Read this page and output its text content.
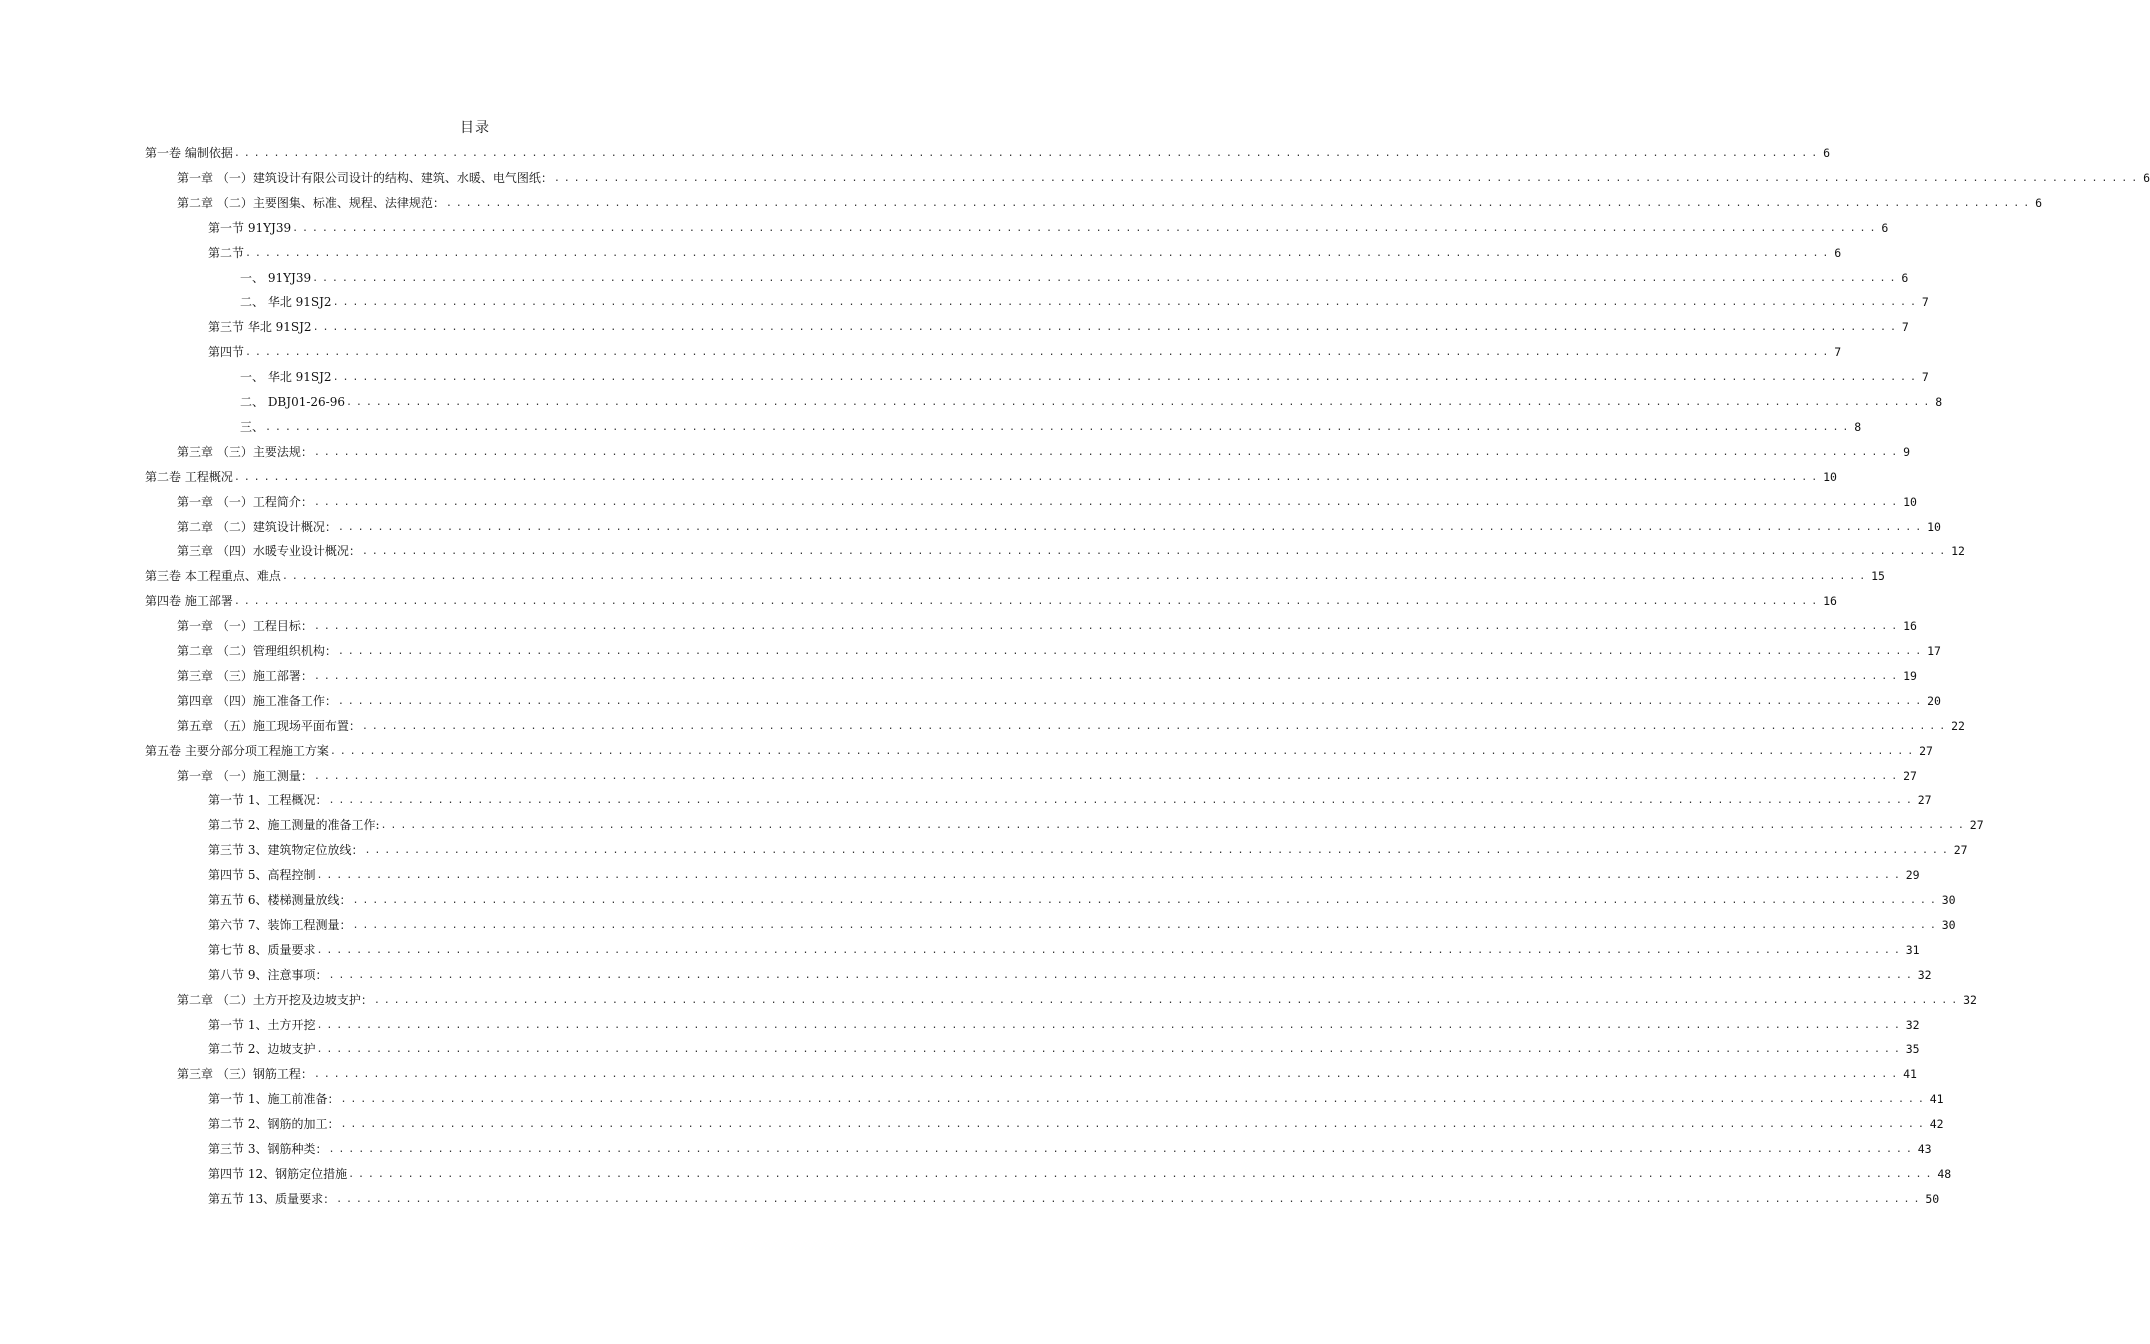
目录
第一卷 编制依据 ................................................................................................................................................................ 6
第一章 （一）建筑设计有限公司设计的结构、建筑、水暖、电气图纸： ................................................................................................................................................................ 6
第二章 （二）主要图集、标准、规程、法律规范： ................................................................................................................................................................ 6
第一节 91YJ39 ................................................................................................................................................................ 6
第二节 ................................................................................................................................................................ 6
一、 91YJ39 ................................................................................................................................................................ 6
二、 华北 91SJ2 ................................................................................................................................................................ 7
第三节 华北 91SJ2 ................................................................................................................................................................ 7
第四节 ................................................................................................................................................................ 7
一、 华北 91SJ2 ................................................................................................................................................................ 7
二、 DBJ01-26-96 ................................................................................................................................................................ 8
三、 ................................................................................................................................................................ 8
第三章 （三）主要法规： ................................................................................................................................................................ 9
第二卷 工程概况 ................................................................................................................................................................ 10
第一章 （一）工程简介： ................................................................................................................................................................ 10
第二章 （二）建筑设计概况： ................................................................................................................................................................ 10
第三章 （四）水暖专业设计概况： ................................................................................................................................................................ 12
第三卷 本工程重点、难点 ................................................................................................................................................................ 15
第四卷 施工部署 ................................................................................................................................................................ 16
第一章 （一）工程目标： ................................................................................................................................................................ 16
第二章 （二）管理组织机构： ................................................................................................................................................................ 17
第三章 （三）施工部署： ................................................................................................................................................................ 19
第四章 （四）施工准备工作： ................................................................................................................................................................ 20
第五章 （五）施工现场平面布置： ................................................................................................................................................................ 22
第五卷 主要分部分项工程施工方案 ................................................................................................................................................................ 27
第一章 （一）施工测量： ................................................................................................................................................................ 27
第一节 1、工程概况： ................................................................................................................................................................ 27
第二节 2、施工测量的准备工作: ................................................................................................................................................................ 27
第三节 3、建筑物定位放线： ................................................................................................................................................................ 27
第四节 5、高程控制 ................................................................................................................................................................ 29
第五节 6、楼梯测量放线： ................................................................................................................................................................ 30
第六节 7、装饰工程测量： ................................................................................................................................................................ 30
第七节 8、质量要求 ................................................................................................................................................................ 31
第八节 9、注意事项： ................................................................................................................................................................ 32
第二章 （二）土方开挖及边坡支护： ................................................................................................................................................................ 32
第一节 1、土方开挖 ................................................................................................................................................................ 32
第二节 2、边坡支护 ................................................................................................................................................................ 35
第三章 （三）钢筋工程： ................................................................................................................................................................ 41
第一节 1、施工前准备： ................................................................................................................................................................ 41
第二节 2、钢筋的加工： ................................................................................................................................................................ 42
第三节 3、钢筋种类： ................................................................................................................................................................ 43
第四节 12、钢筋定位措施 ................................................................................................................................................................ 48
第五节 13、质量要求： ................................................................................................................................................................ 50
